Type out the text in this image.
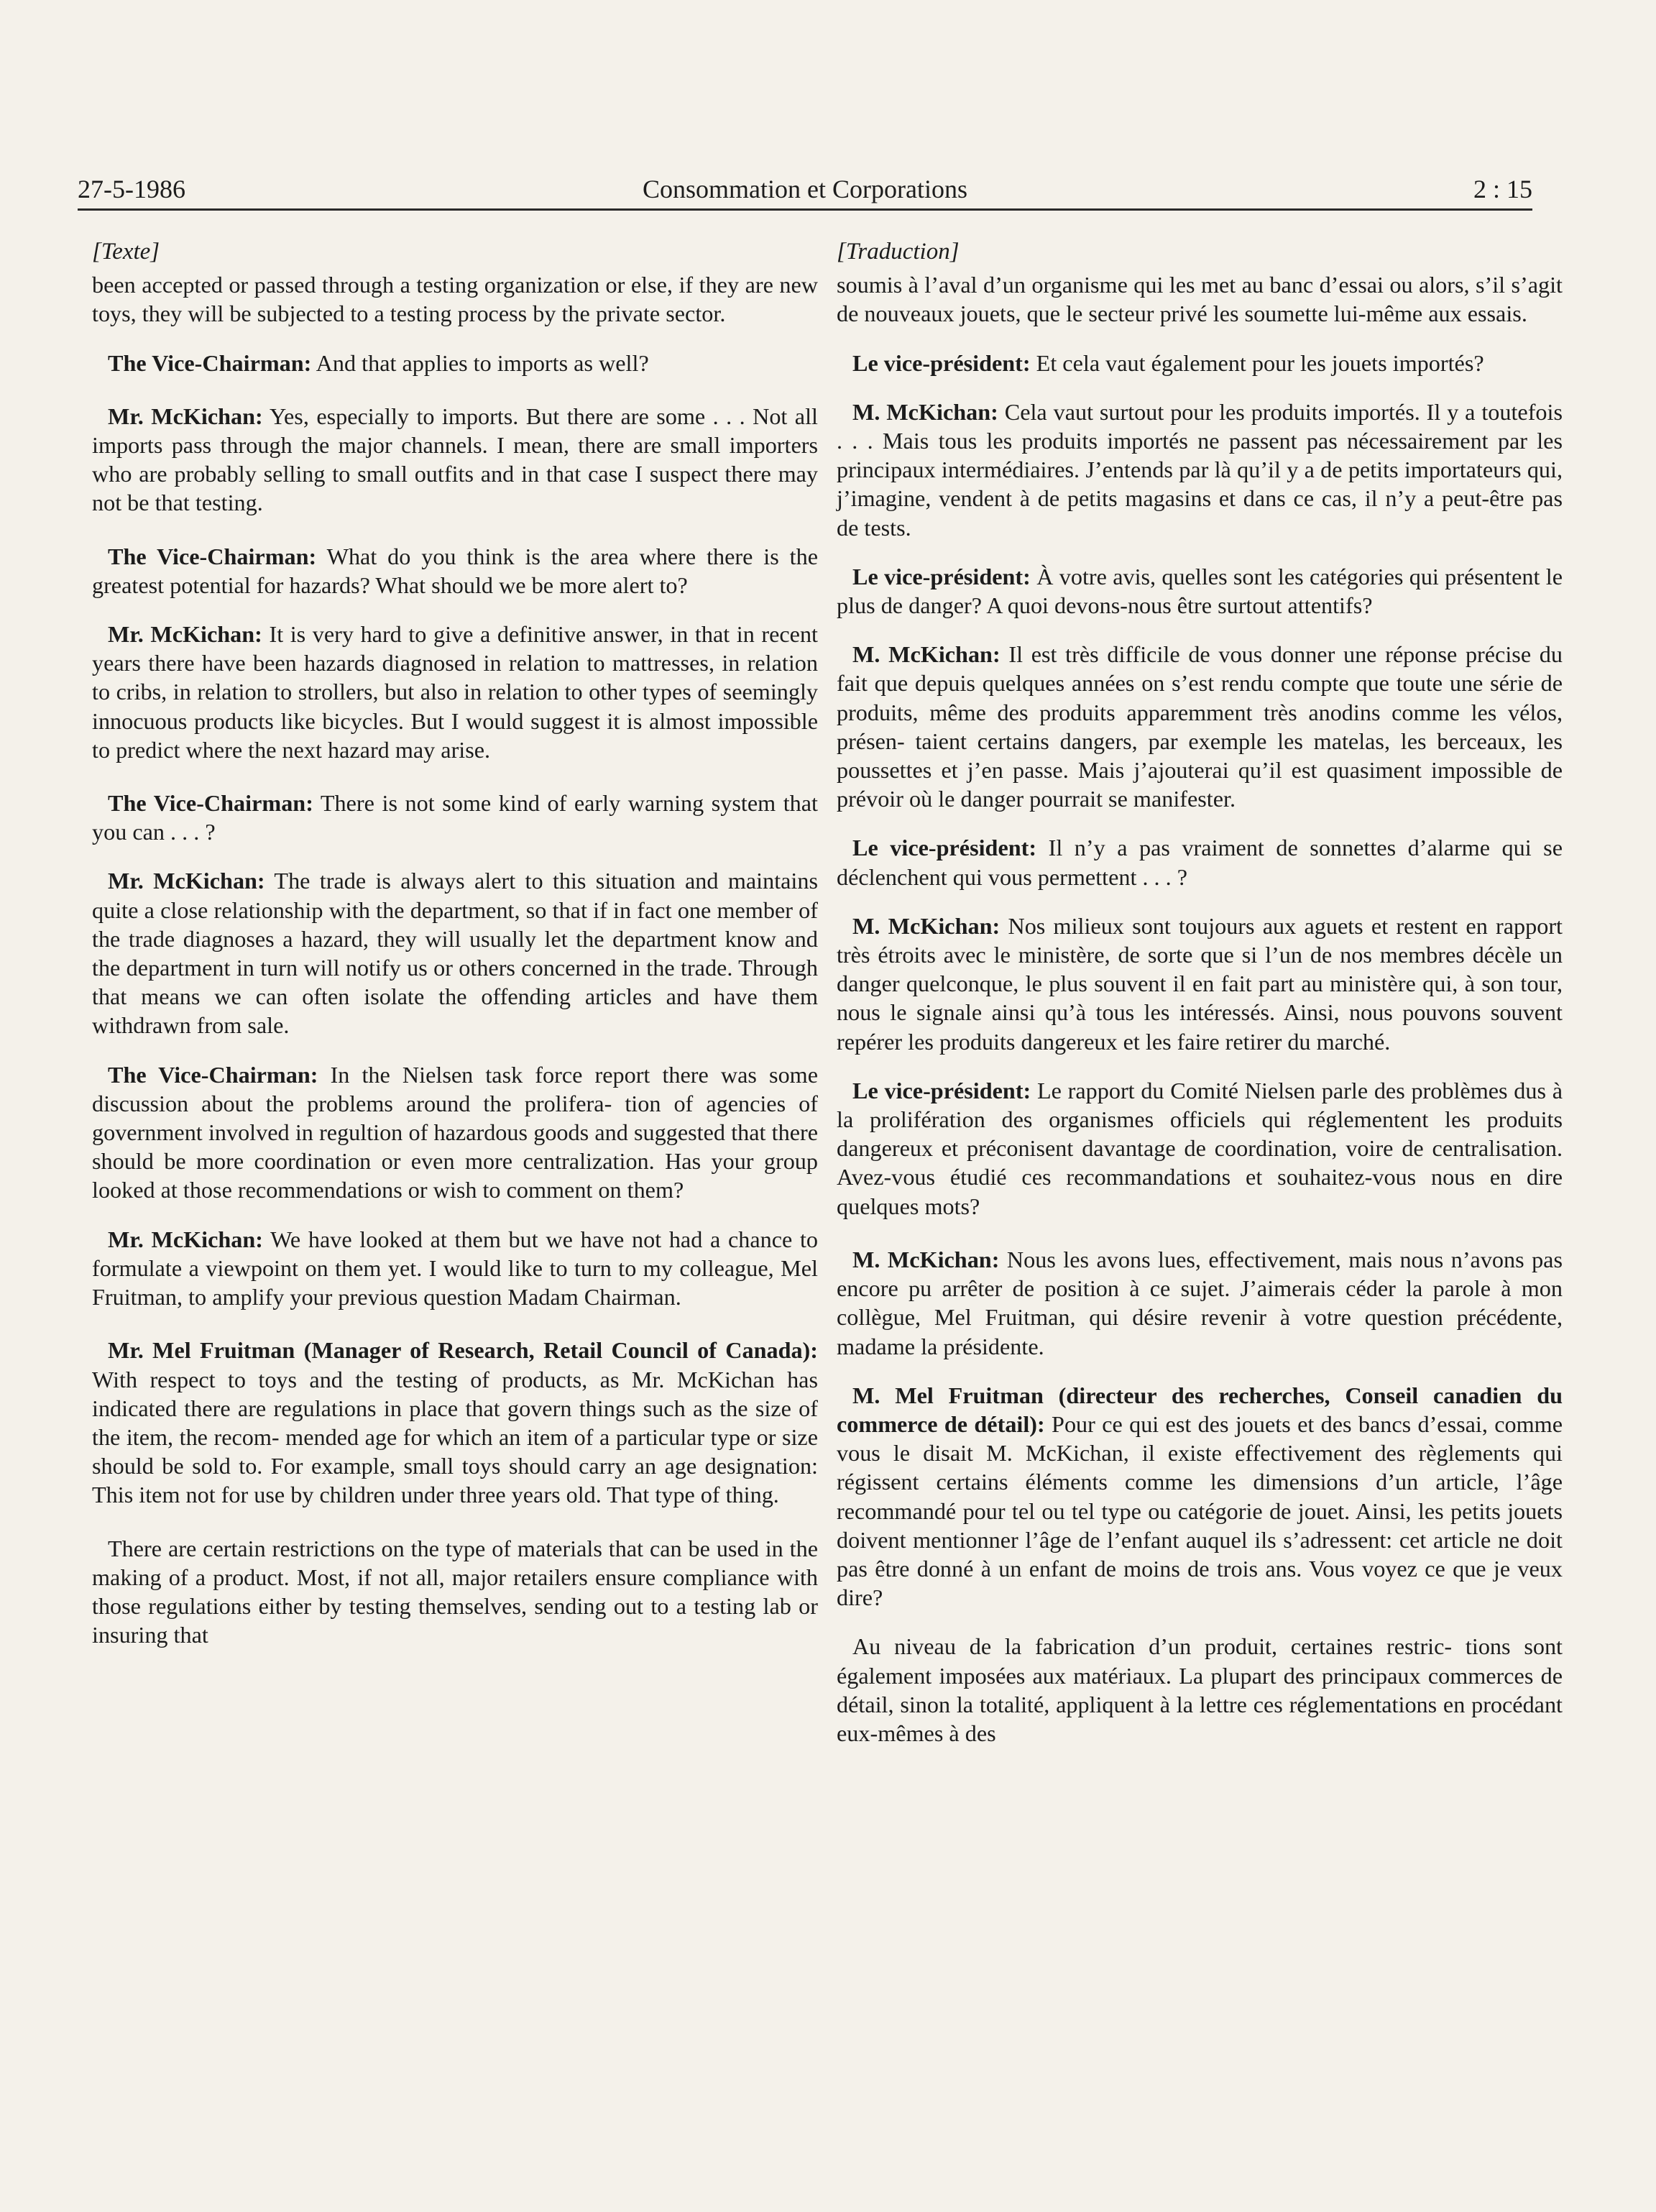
27-5-1986	Consommation et Corporations	2 : 15
[Texte]

been accepted or passed through a testing organization or else, if they are new toys, they will be subjected to a testing process by the private sector.

The Vice-Chairman: And that applies to imports as well?

Mr. McKichan: Yes, especially to imports. But there are some . . . Not all imports pass through the major channels. I mean, there are small importers who are probably selling to small outfits and in that case I suspect there may not be that testing.

The Vice-Chairman: What do you think is the area where there is the greatest potential for hazards? What should we be more alert to?

Mr. McKichan: It is very hard to give a definitive answer, in that in recent years there have been hazards diagnosed in relation to mattresses, in relation to cribs, in relation to strollers, but also in relation to other types of seemingly innocuous products like bicycles. But I would suggest it is almost impossible to predict where the next hazard may arise.

The Vice-Chairman: There is not some kind of early warning system that you can . . . ?

Mr. McKichan: The trade is always alert to this situation and maintains quite a close relationship with the department, so that if in fact one member of the trade diagnoses a hazard, they will usually let the department know and the department in turn will notify us or others concerned in the trade. Through that means we can often isolate the offending articles and have them withdrawn from sale.

The Vice-Chairman: In the Nielsen task force report there was some discussion about the problems around the prolifera- tion of agencies of government involved in regultion of hazardous goods and suggested that there should be more coordination or even more centralization. Has your group looked at those recommendations or wish to comment on them?

Mr. McKichan: We have looked at them but we have not had a chance to formulate a viewpoint on them yet. I would like to turn to my colleague, Mel Fruitman, to amplify your previous question Madam Chairman.

Mr. Mel Fruitman (Manager of Research, Retail Council of Canada): With respect to toys and the testing of products, as Mr. McKichan has indicated there are regulations in place that govern things such as the size of the item, the recom- mended age for which an item of a particular type or size should be sold to. For example, small toys should carry an age designation: This item not for use by children under three years old. That type of thing.

There are certain restrictions on the type of materials that can be used in the making of a product. Most, if not all, major retailers ensure compliance with those regulations either by testing themselves, sending out to a testing lab or insuring that

[Traduction]

soumis à l’aval d’un organisme qui les met au banc d’essai ou alors, s’il s’agit de nouveaux jouets, que le secteur privé les soumette lui-même aux essais.

Le vice-président: Et cela vaut également pour les jouets importés?

M. McKichan: Cela vaut surtout pour les produits importés. Il y a toutefois . . . Mais tous les produits importés ne passent pas nécessairement par les principaux intermédiaires. J’entends par là qu’il y a de petits importateurs qui, j’imagine, vendent à de petits magasins et dans ce cas, il n’y a peut-être pas de tests.

Le vice-président: À votre avis, quelles sont les catégories qui présentent le plus de danger? A quoi devons-nous être surtout attentifs?

M. McKichan: Il est très difficile de vous donner une réponse précise du fait que depuis quelques années on s’est rendu compte que toute une série de produits, même des produits apparemment très anodins comme les vélos, présen- taient certains dangers, par exemple les matelas, les berceaux, les poussettes et j’en passe. Mais j’ajouterai qu’il est quasiment impossible de prévoir où le danger pourrait se manifester.

Le vice-président: Il n’y a pas vraiment de sonnettes d’alarme qui se déclenchent qui vous permettent . . . ?

M. McKichan: Nos milieux sont toujours aux aguets et restent en rapport très étroits avec le ministère, de sorte que si l’un de nos membres décèle un danger quelconque, le plus souvent il en fait part au ministère qui, à son tour, nous le signale ainsi qu’à tous les intéressés. Ainsi, nous pouvons souvent repérer les produits dangereux et les faire retirer du marché.

Le vice-président: Le rapport du Comité Nielsen parle des problèmes dus à la prolifération des organismes officiels qui réglementent les produits dangereux et préconisent davantage de coordination, voire de centralisation. Avez-vous étudié ces recommandations et souhaitez-vous nous en dire quelques mots?

M. McKichan: Nous les avons lues, effectivement, mais nous n’avons pas encore pu arrêter de position à ce sujet. J’aimerais céder la parole à mon collègue, Mel Fruitman, qui désire revenir à votre question précédente, madame la présidente.

M. Mel Fruitman (directeur des recherches, Conseil canadien du commerce de détail): Pour ce qui est des jouets et des bancs d’essai, comme vous le disait M. McKichan, il existe effectivement des règlements qui régissent certains éléments comme les dimensions d’un article, l’âge recommandé pour tel ou tel type ou catégorie de jouet. Ainsi, les petits jouets doivent mentionner l’âge de l’enfant auquel ils s’adressent: cet article ne doit pas être donné à un enfant de moins de trois ans. Vous voyez ce que je veux dire?

Au niveau de la fabrication d’un produit, certaines restric- tions sont également imposées aux matériaux. La plupart des principaux commerces de détail, sinon la totalité, appliquent à la lettre ces réglementations en procédant eux-mêmes à des
